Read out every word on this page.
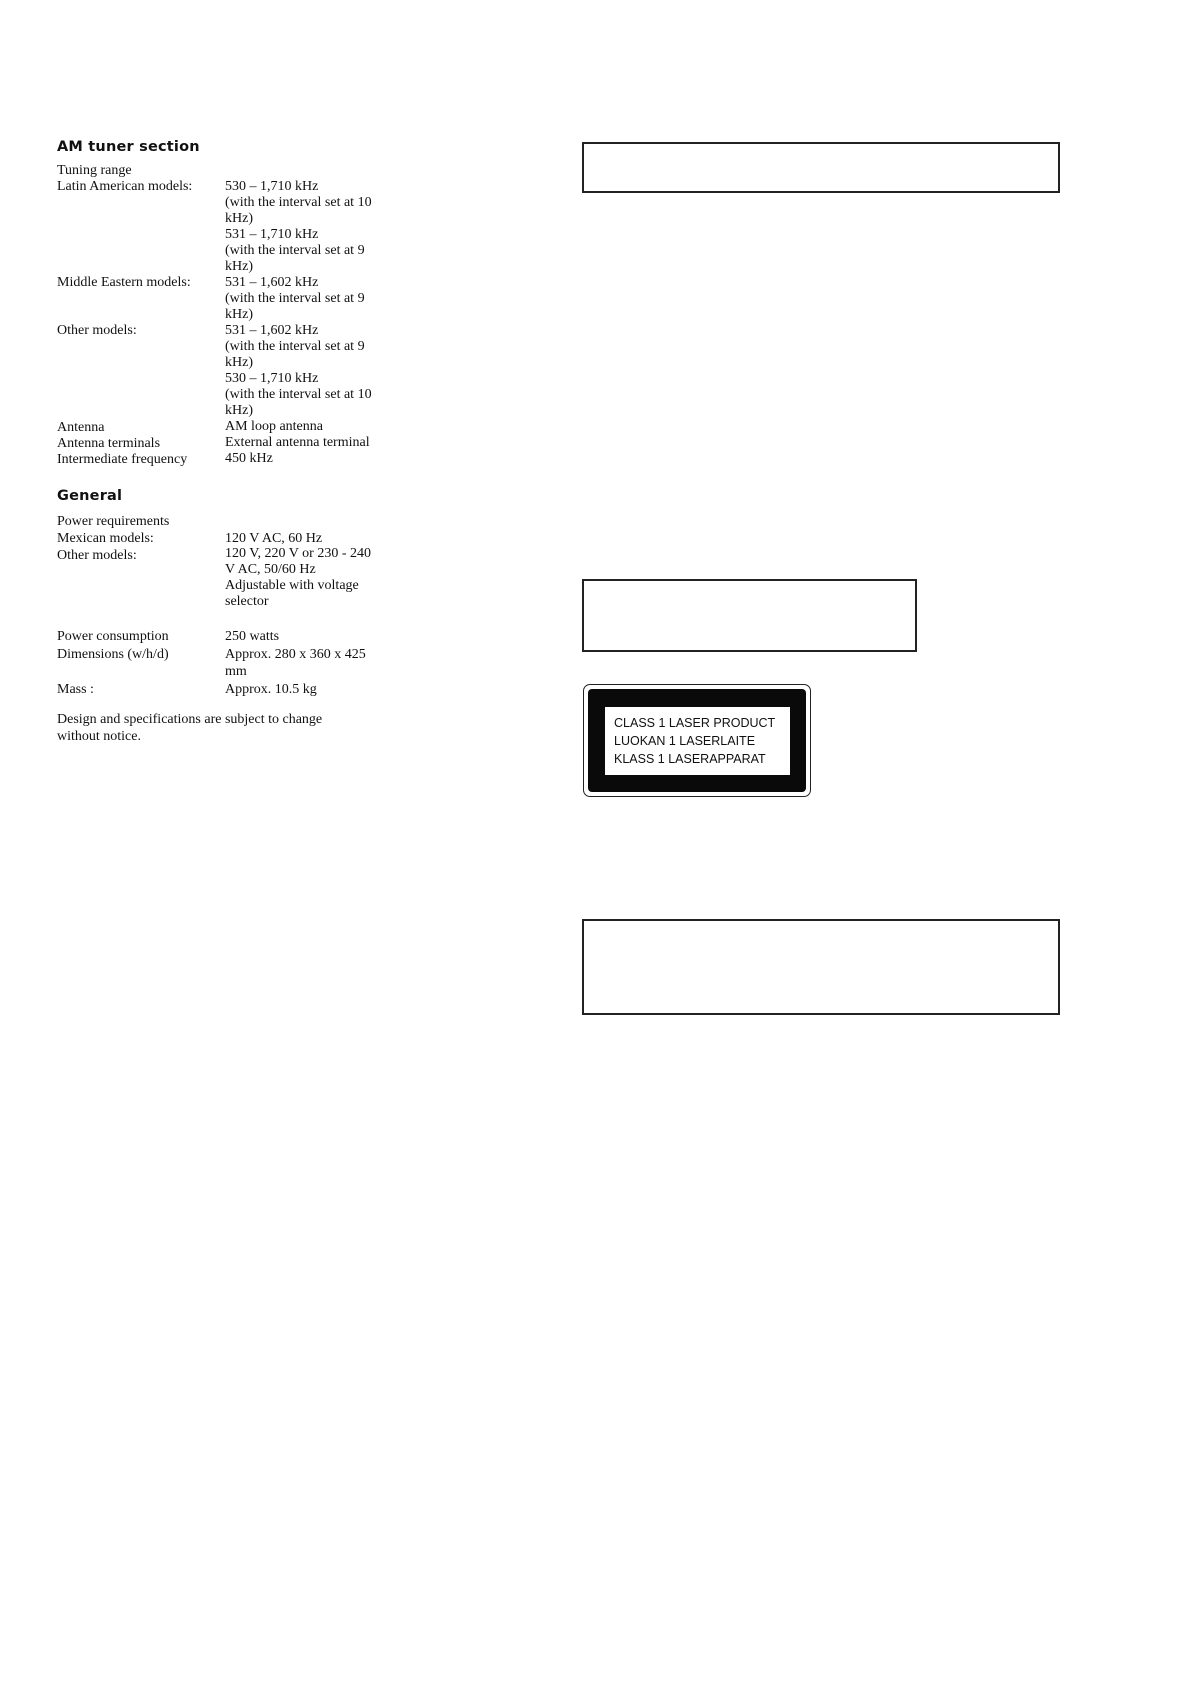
AM tuner section
Tuning range
Latin American models: 530 – 1,710 kHz
(with the interval set at 10
kHz)
531 – 1,710 kHz
(with the interval set at 9
kHz)
Middle Eastern models: 531 – 1,602 kHz
(with the interval set at 9
kHz)
Other models:	531 – 1,602 kHz
(with the interval set at 9
kHz)
530 – 1,710 kHz
(with the interval set at 10
kHz)
Antenna	AM loop antenna
Antenna terminals	External antenna terminal
Intermediate frequency	450 kHz
General
Power requirements
Mexican models:	120 V AC, 60 Hz
Other models:	120 V, 220 V or 230 - 240
V AC, 50/60 Hz
Adjustable with voltage
selector
Power consumption	250 watts
Dimensions (w/h/d)	Approx. 280 x 360 x 425
mm
Mass :	Approx. 10.5 kg
Design and specifications are subject to change
without notice.
CLASS 1 LASER PRODUCT
LUOKAN 1 LASERLAITE
KLASS 1 LASERAPPARAT
